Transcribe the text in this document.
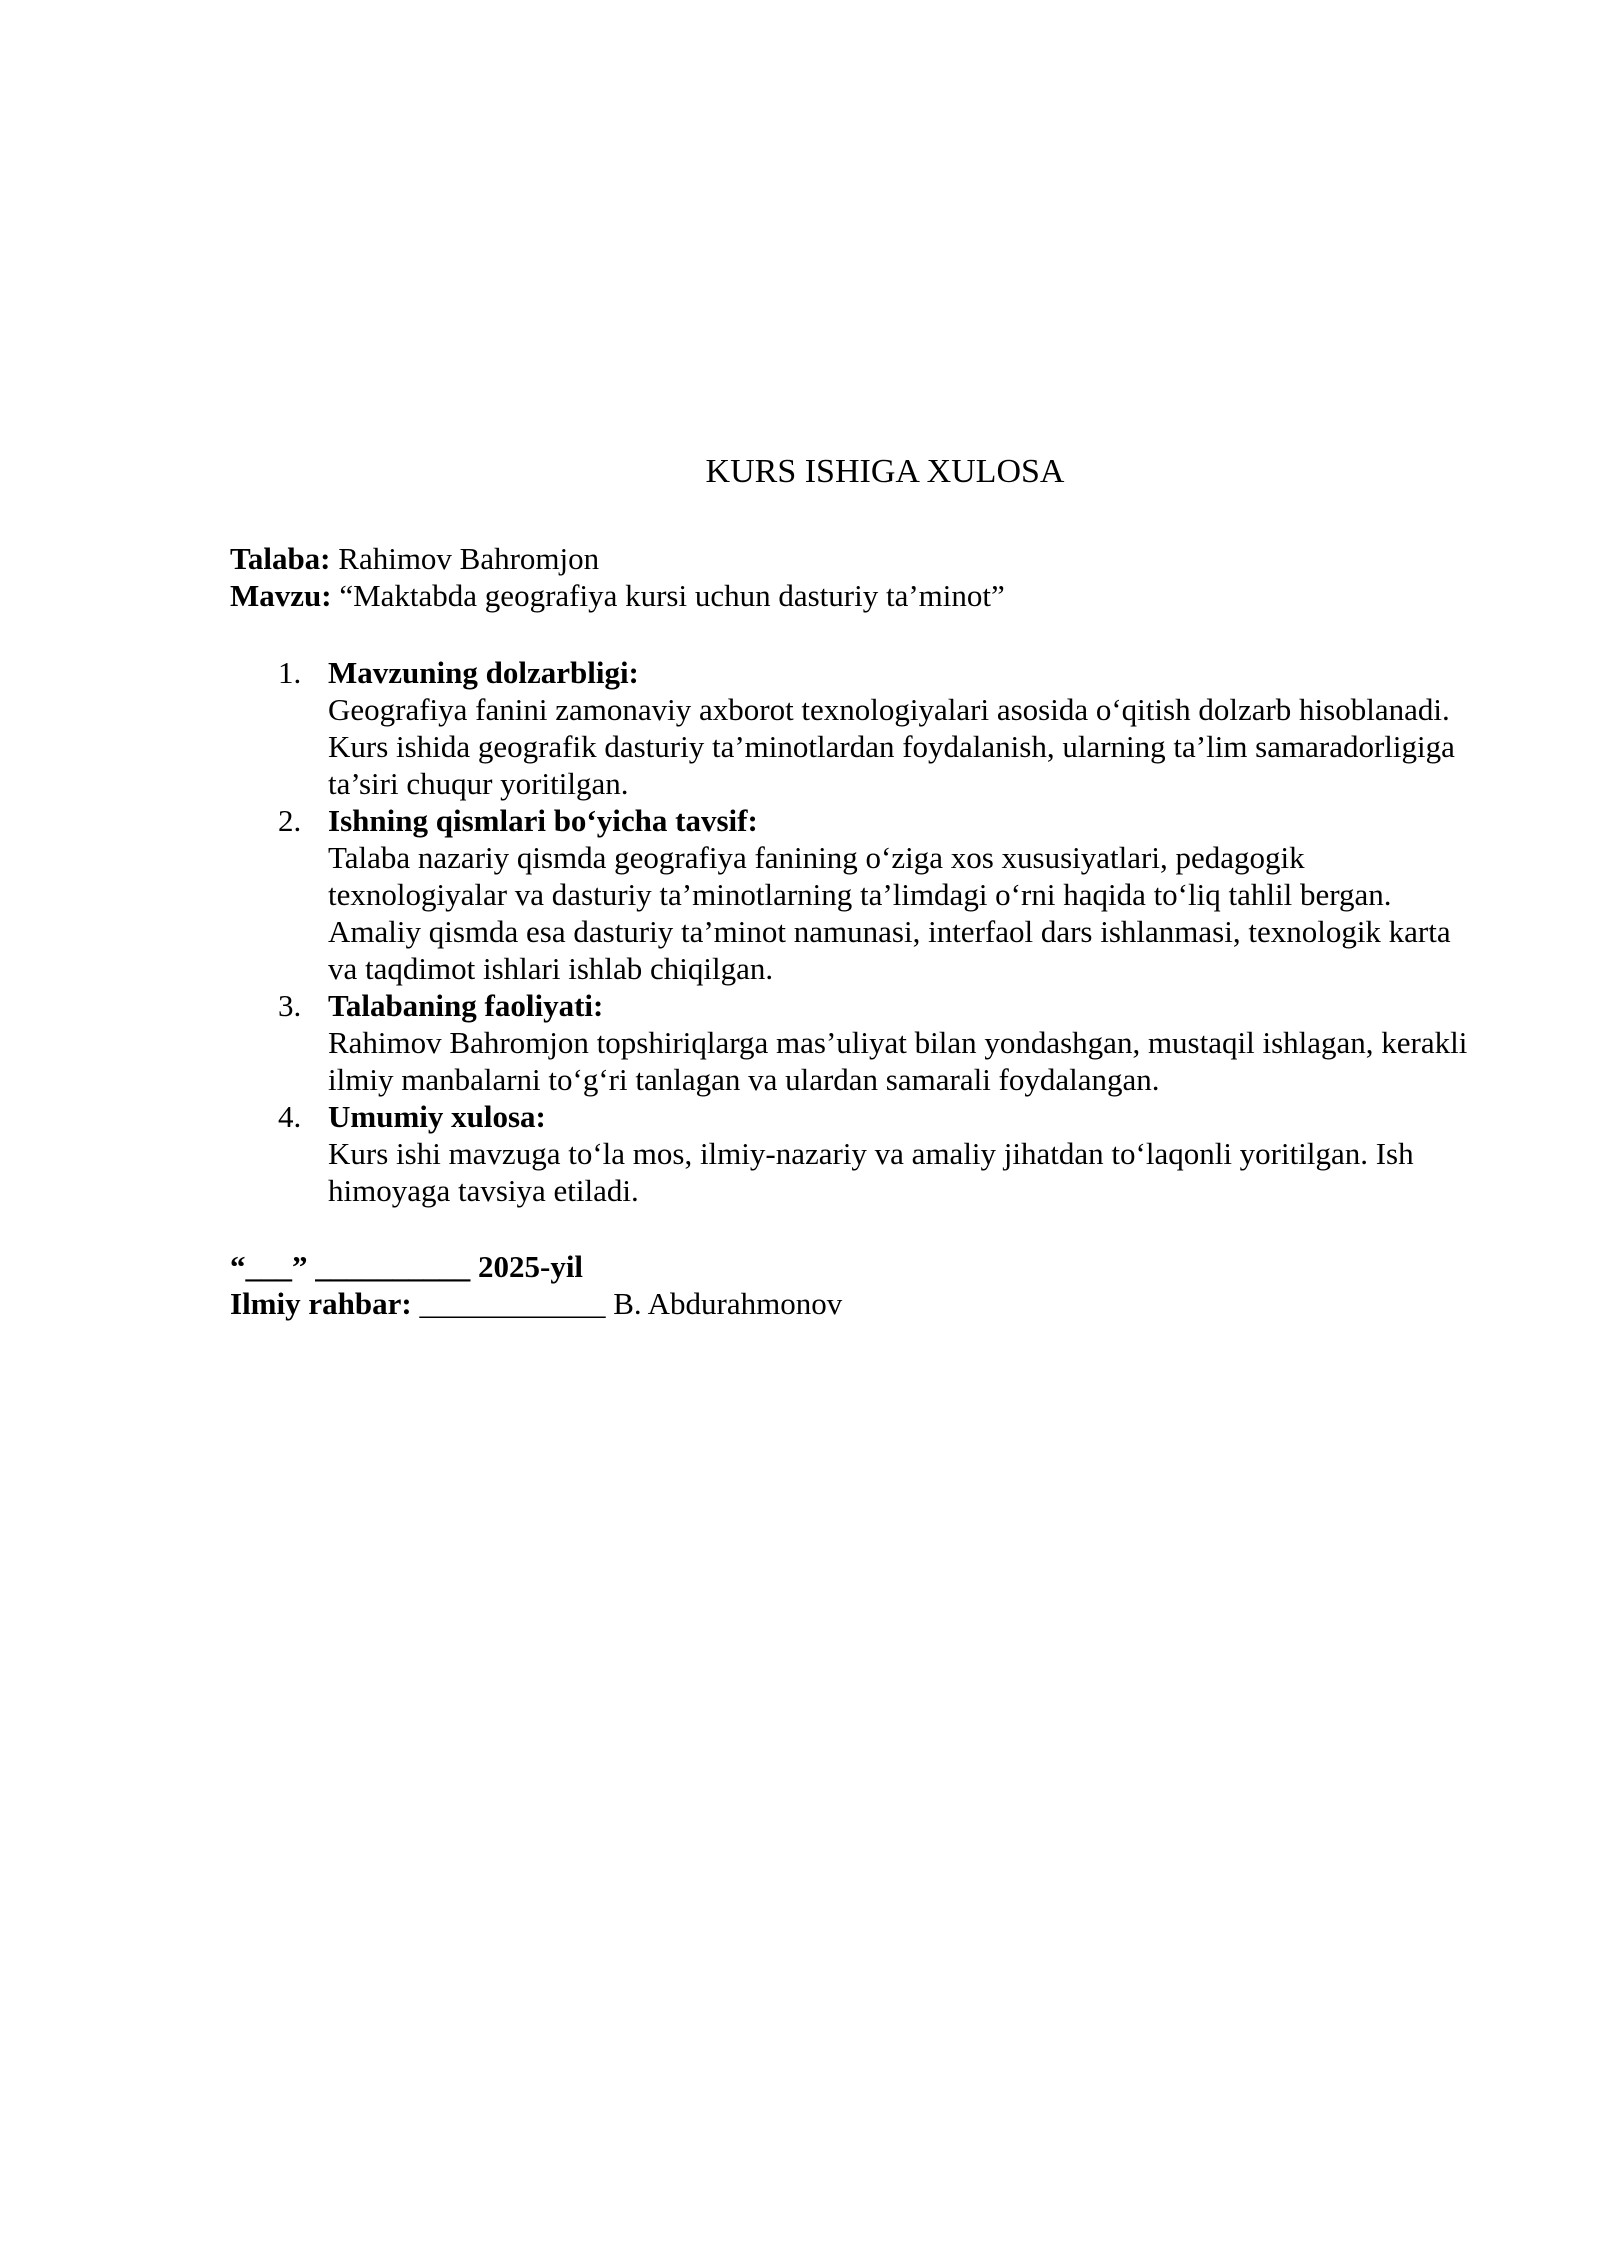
KURS ISHIGA XULOSA
Talaba: Rahimov Bahromjon
Mavzu: “Maktabda geografiya kursi uchun dasturiy ta’minot”
1. Mavzuning dolzarbligi:
Geografiya fanini zamonaviy axborot texnologiyalari asosida o‘qitish dolzarb hisoblanadi. Kurs ishida geografik dasturiy ta’minotlardan foydalanish, ularning ta’lim samaradorligiga ta’siri chuqur yoritilgan.
2. Ishning qismlari bo‘yicha tavsif:
Talaba nazariy qismda geografiya fanining o‘ziga xos xususiyatlari, pedagogik texnologiyalar va dasturiy ta’minotlarning ta’limdagi o‘rni haqida to‘liq tahlil bergan. Amaliy qismda esa dasturiy ta’minot namunasi, interfaol dars ishlanmasi, texnologik karta va taqdimot ishlari ishlab chiqilgan.
3. Talabaning faoliyati:
Rahimov Bahromjon topshiriqlarga mas’uliyat bilan yondashgan, mustaqil ishlagan, kerakli ilmiy manbalarni to‘g‘ri tanlagan va ulardan samarali foydalangan.
4. Umumiy xulosa:
Kurs ishi mavzuga to‘la mos, ilmiy-nazariy va amaliy jihatdan to‘laqonli yoritilgan. Ish himoyaga tavsiya etiladi.
“___” __________ 2025-yil
Ilmiy rahbar: ____________ B. Abdurahmonov
